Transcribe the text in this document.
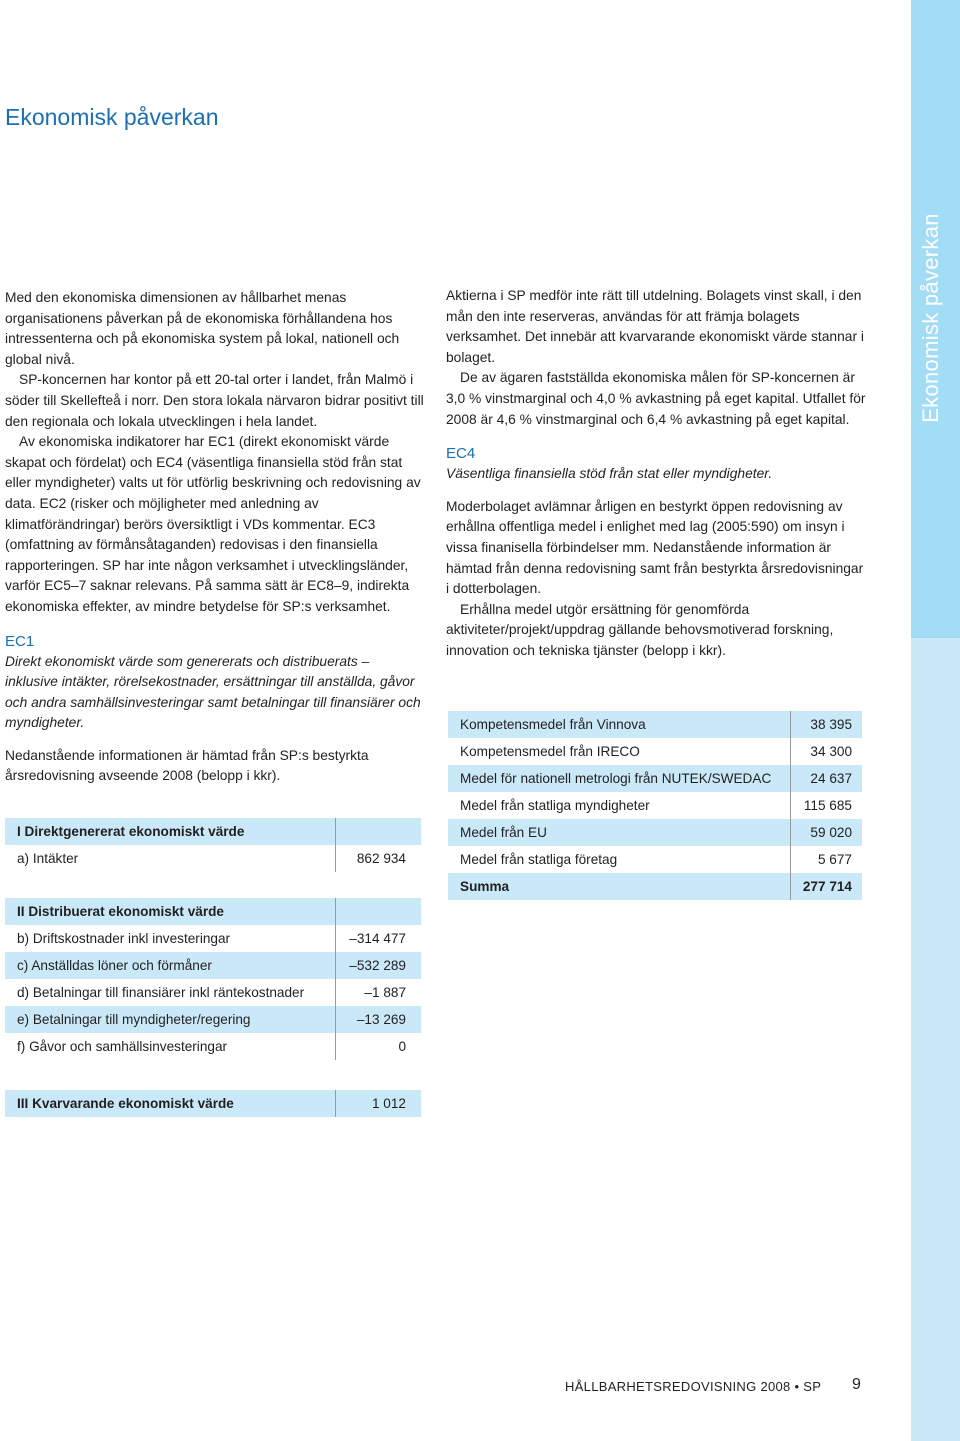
Ekonomisk påverkan
Ekonomisk påverkan

Med den ekonomiska dimensionen av hållbarhet menas organisationens påverkan på de ekonomiska förhållandena hos intressenterna och på ekonomiska system på lokal, nationell och global nivå.

SP-koncernen har kontor på ett 20-tal orter i landet, från Malmö i söder till Skellefteå i norr. Den stora lokala närvaron bidrar positivt till den regionala och lokala utvecklingen i hela landet.

Av ekonomiska indikatorer har EC1 (direkt ekonomiskt värde skapat och fördelat) och EC4 (väsentliga finansiella stöd från stat eller myndigheter) valts ut för utförlig beskrivning och redovisning av data. EC2 (risker och möjligheter med anledning av klimatförändringar) berörs översiktligt i VDs kommentar. EC3 (omfattning av förmånsåtaganden) redovisas i den finansiella rapporteringen. SP har inte någon verksamhet i utvecklingsländer, varför EC5–7 saknar relevans. På samma sätt är EC8–9, indirekta ekonomiska effekter, av mindre betydelse för SP:s verksamhet.

EC1

Direkt ekonomiskt värde som genererats och distribuerats – inklusive intäkter, rörelsekostnader, ersättningar till anställda, gåvor och andra samhällsinvesteringar samt betalningar till finansiärer och myndigheter.

Nedanstående informationen är hämtad från SP:s bestyrkta årsredovisning avseende 2008 (belopp i kkr).

I Direktgenererat ekonomiskt värde	
a) Intäkter	862 934
II Distribuerat ekonomiskt värde	
b) Driftskostnader inkl investeringar	–314 477
c) Anställdas löner och förmåner	–532 289
d) Betalningar till finansiärer inkl räntekostnader	–1 887
e) Betalningar till myndigheter/regering	–13 269
f) Gåvor och samhällsinvesteringar	0
III Kvarvarande ekonomiskt värde	1 012

Aktierna i SP medför inte rätt till utdelning. Bolagets vinst skall, i den mån den inte reserveras, användas för att främja bolagets verksamhet. Det innebär att kvarvarande ekonomiskt värde stannar i bolaget.

De av ägaren fastställda ekonomiska målen för SP-koncernen är 3,0 % vinstmarginal och 4,0 % avkastning på eget kapital. Utfallet för 2008 är 4,6 % vinstmarginal och 6,4 % avkastning på eget kapital.

EC4

Väsentliga finansiella stöd från stat eller myndigheter.

Moderbolaget avlämnar årligen en bestyrkt öppen redovisning av erhållna offentliga medel i enlighet med lag (2005:590) om insyn i vissa finanisella förbindelser mm. Nedanstående information är hämtad från denna redovisning samt från bestyrkta årsredovisningar i dotterbolagen.

Erhållna medel utgör ersättning för genomförda aktiviteter/projekt/uppdrag gällande behovsmotiverad forskning, innovation och tekniska tjänster (belopp i kkr).

Kompetensmedel från Vinnova	38 395
Kompetensmedel från IRECO	34 300
Medel för nationell metrologi från NUTEK/SWEDAC	24 637
Medel från statliga myndigheter	115 685
Medel från EU	59 020
Medel från statliga företag	5 677
Summa	277 714
HÅLLBARHETSREDOVISNING 2008 • SP 9
